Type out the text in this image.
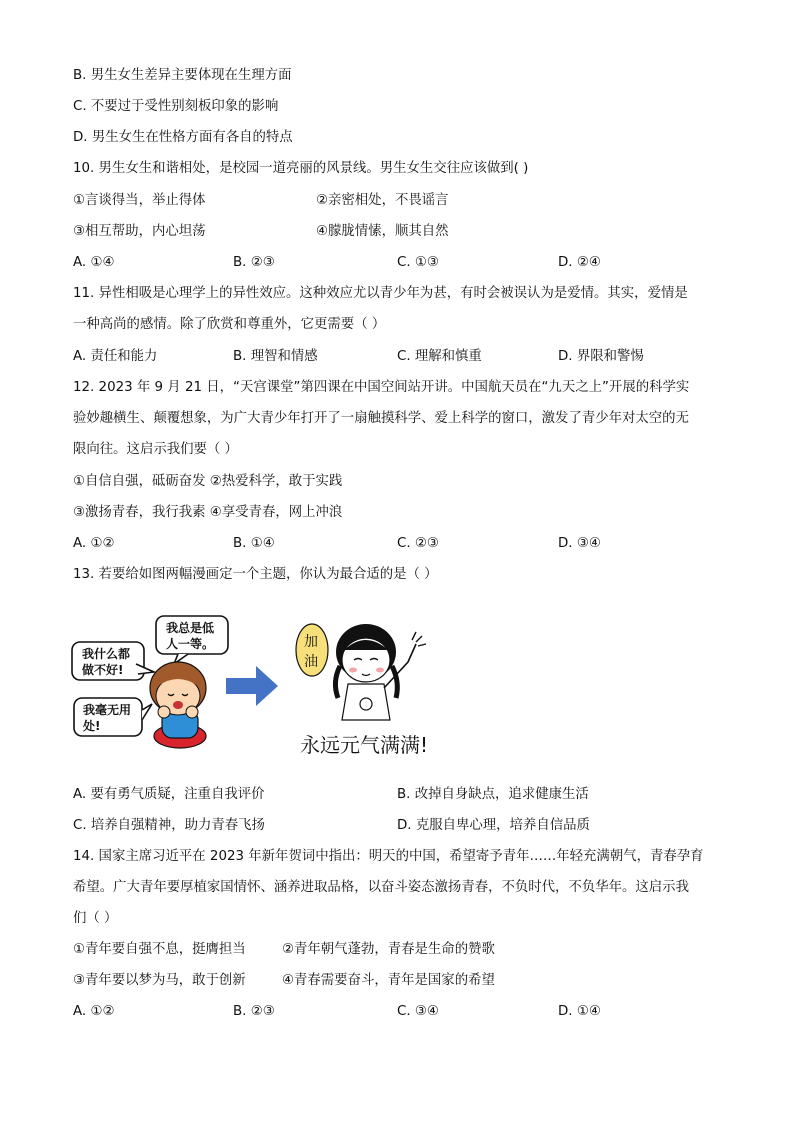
B. 男生女生差异主要体现在生理方面
C. 不要过于受性别刻板印象的影响
D. 男生女生在性格方面有各自的特点
10. 男生女生和谐相处，是校园一道亮丽的风景线。男生女生交往应该做到( )
①言谈得当，举止得体	②亲密相处，不畏谣言
③相互帮助，内心坦荡	④朦胧情愫，顺其自然
A. ①④	B. ②③	C. ①③	D. ②④
11. 异性相吸是心理学上的异性效应。这种效应尤以青少年为甚，有时会被误认为是爱情。其实，爱情是
一种高尚的感情。除了欣赏和尊重外，它更需要（ ）
A. 责任和能力	B. 理智和情感	C. 理解和慎重	D. 界限和警惕
12. 2023 年 9 月 21 日，“天宫课堂”第四课在中国空间站开讲。中国航天员在“九天之上”开展的科学实
验妙趣横生、颠覆想象，为广大青少年打开了一扇触摸科学、爱上科学的窗口，激发了青少年对太空的无
限向往。这启示我们要（ ）
①自信自强，砥砺奋发 ②热爱科学，敢于实践
③激扬青春，我行我素 ④享受青春，网上冲浪
A. ①②	B. ①④	C. ②③	D. ③④
13. 若要给如图两幅漫画定一个主题，你认为最合适的是（ ）
我总是低
人一等。
我什么都
做不好!
我毫无用
处!
加
油
永远元气满满!
A. 要有勇气质疑，注重自我评价	B. 改掉自身缺点，追求健康生活
C. 培养自强精神，助力青春飞扬	D. 克服自卑心理，培养自信品质
14. 国家主席习近平在 2023 年新年贺词中指出：明天的中国，希望寄予青年……年轻充满朝气，青春孕育
希望。广大青年要厚植家国情怀、涵养进取品格，以奋斗姿态激扬青春，不负时代，不负华年。这启示我
们（ ）
①青年要自强不息，挺膺担当	②青年朝气蓬勃，青春是生命的赞歌
③青年要以梦为马，敢于创新	④青春需要奋斗，青年是国家的希望
A. ①②	B. ②③	C. ③④	D. ①④
